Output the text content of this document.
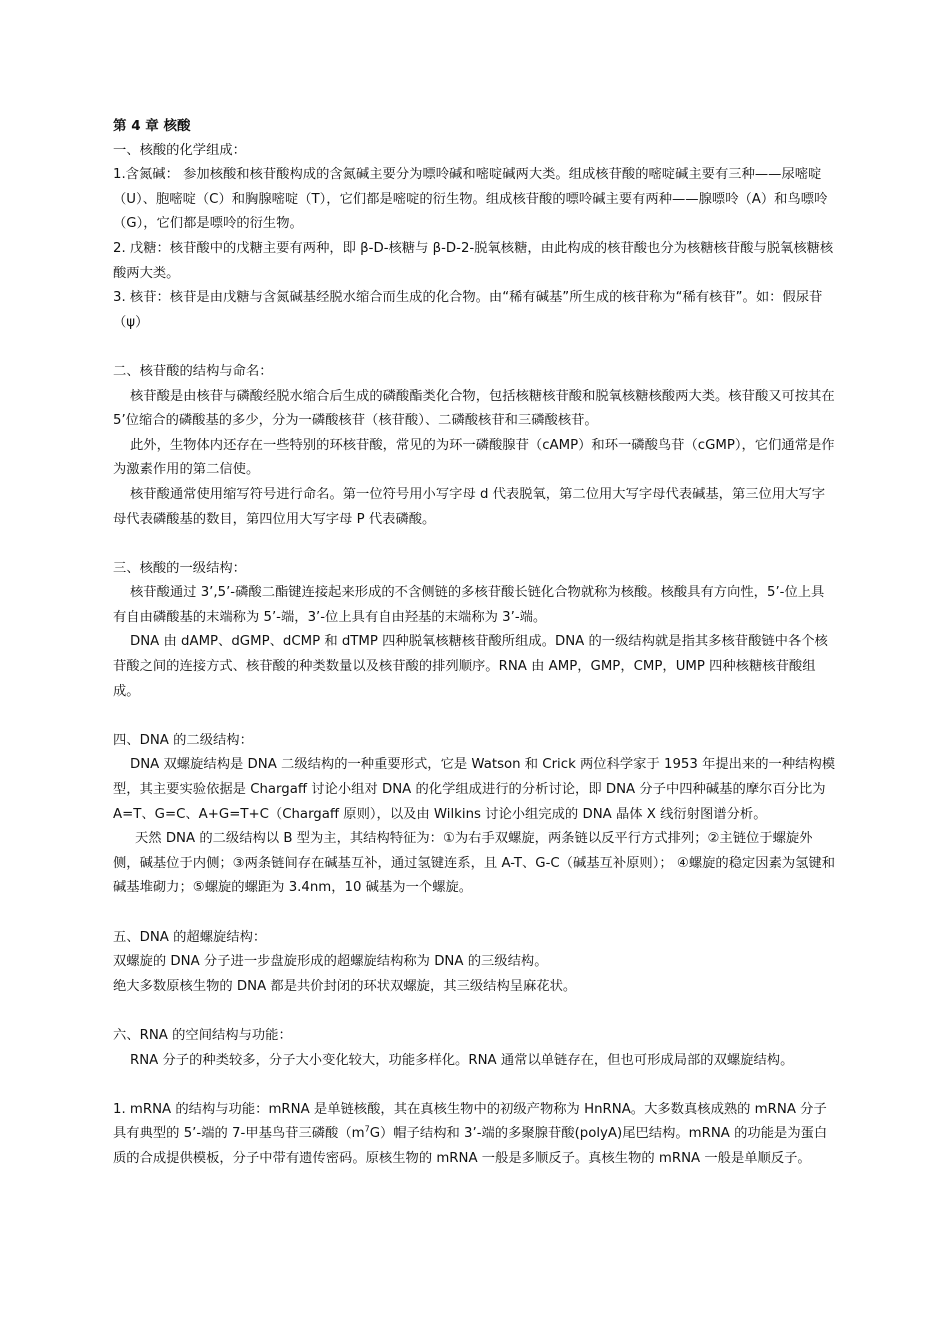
第 4 章 核酸

一、核酸的化学组成：

1.含氮碱： 参加核酸和核苷酸构成的含氮碱主要分为嘌呤碱和嘧啶碱两大类。组成核苷酸的嘧啶碱主要有三种——尿嘧啶（U）、胞嘧啶（C）和胸腺嘧啶（T），它们都是嘧啶的衍生物。组成核苷酸的嘌呤碱主要有两种——腺嘌呤（A）和鸟嘌呤（G），它们都是嘌呤的衍生物。

2. 戊糖：核苷酸中的戊糖主要有两种，即 β-D-核糖与 β-D-2-脱氧核糖，由此构成的核苷酸也分为核糖核苷酸与脱氧核糖核酸两大类。

3. 核苷：核苷是由戊糖与含氮碱基经脱水缩合而生成的化合物。由“稀有碱基”所生成的核苷称为“稀有核苷”。如：假尿苷（ψ）

二、核苷酸的结构与命名：

核苷酸是由核苷与磷酸经脱水缩合后生成的磷酸酯类化合物，包括核糖核苷酸和脱氧核糖核酸两大类。核苷酸又可按其在 5’位缩合的磷酸基的多少，分为一磷酸核苷（核苷酸）、二磷酸核苷和三磷酸核苷。

此外，生物体内还存在一些特别的环核苷酸，常见的为环一磷酸腺苷（cAMP）和环一磷酸鸟苷（cGMP），它们通常是作为激素作用的第二信使。

核苷酸通常使用缩写符号进行命名。第一位符号用小写字母 d 代表脱氧，第二位用大写字母代表碱基，第三位用大写字母代表磷酸基的数目，第四位用大写字母 P 代表磷酸。

三、核酸的一级结构：

核苷酸通过 3’,5’-磷酸二酯键连接起来形成的不含侧链的多核苷酸长链化合物就称为核酸。核酸具有方向性，5’-位上具有自由磷酸基的末端称为 5’-端，3’-位上具有自由羟基的末端称为 3’-端。

DNA 由 dAMP、dGMP、dCMP 和 dTMP 四种脱氧核糖核苷酸所组成。DNA 的一级结构就是指其多核苷酸链中各个核苷酸之间的连接方式、核苷酸的种类数量以及核苷酸的排列顺序。RNA 由 AMP，GMP，CMP，UMP 四种核糖核苷酸组成。

四、DNA 的二级结构：

DNA 双螺旋结构是 DNA 二级结构的一种重要形式，它是 Watson 和 Crick 两位科学家于 1953 年提出来的一种结构模型，其主要实验依据是 Chargaff 讨论小组对 DNA 的化学组成进行的分析讨论，即 DNA 分子中四种碱基的摩尔百分比为 A=T、G=C、A+G=T+C（Chargaff 原则），以及由 Wilkins 讨论小组完成的 DNA 晶体 X 线衍射图谱分析。

天然 DNA 的二级结构以 B 型为主，其结构特征为：①为右手双螺旋，两条链以反平行方式排列；②主链位于螺旋外侧，碱基位于内侧；③两条链间存在碱基互补，通过氢键连系，且 A-T、G-C（碱基互补原则）； ④螺旋的稳定因素为氢键和碱基堆砌力；⑤螺旋的螺距为 3.4nm，10 碱基为一个螺旋。

五、DNA 的超螺旋结构：

双螺旋的 DNA 分子进一步盘旋形成的超螺旋结构称为 DNA 的三级结构。

绝大多数原核生物的 DNA 都是共价封闭的环状双螺旋，其三级结构呈麻花状。

六、RNA 的空间结构与功能：

RNA 分子的种类较多，分子大小变化较大，功能多样化。RNA 通常以单链存在，但也可形成局部的双螺旋结构。

1. mRNA 的结构与功能：mRNA 是单链核酸，其在真核生物中的初级产物称为 HnRNA。大多数真核成熟的 mRNA 分子具有典型的 5’-端的 7-甲基鸟苷三磷酸$(m^7G)$帽子结构和 3’-端的多聚腺苷酸(polyA)尾巴结构。mRNA 的功能是为蛋白质的合成提供模板，分子中带有遗传密码。原核生物的 mRNA 一般是多顺反子。真核生物的 mRNA 一般是单顺反子。
